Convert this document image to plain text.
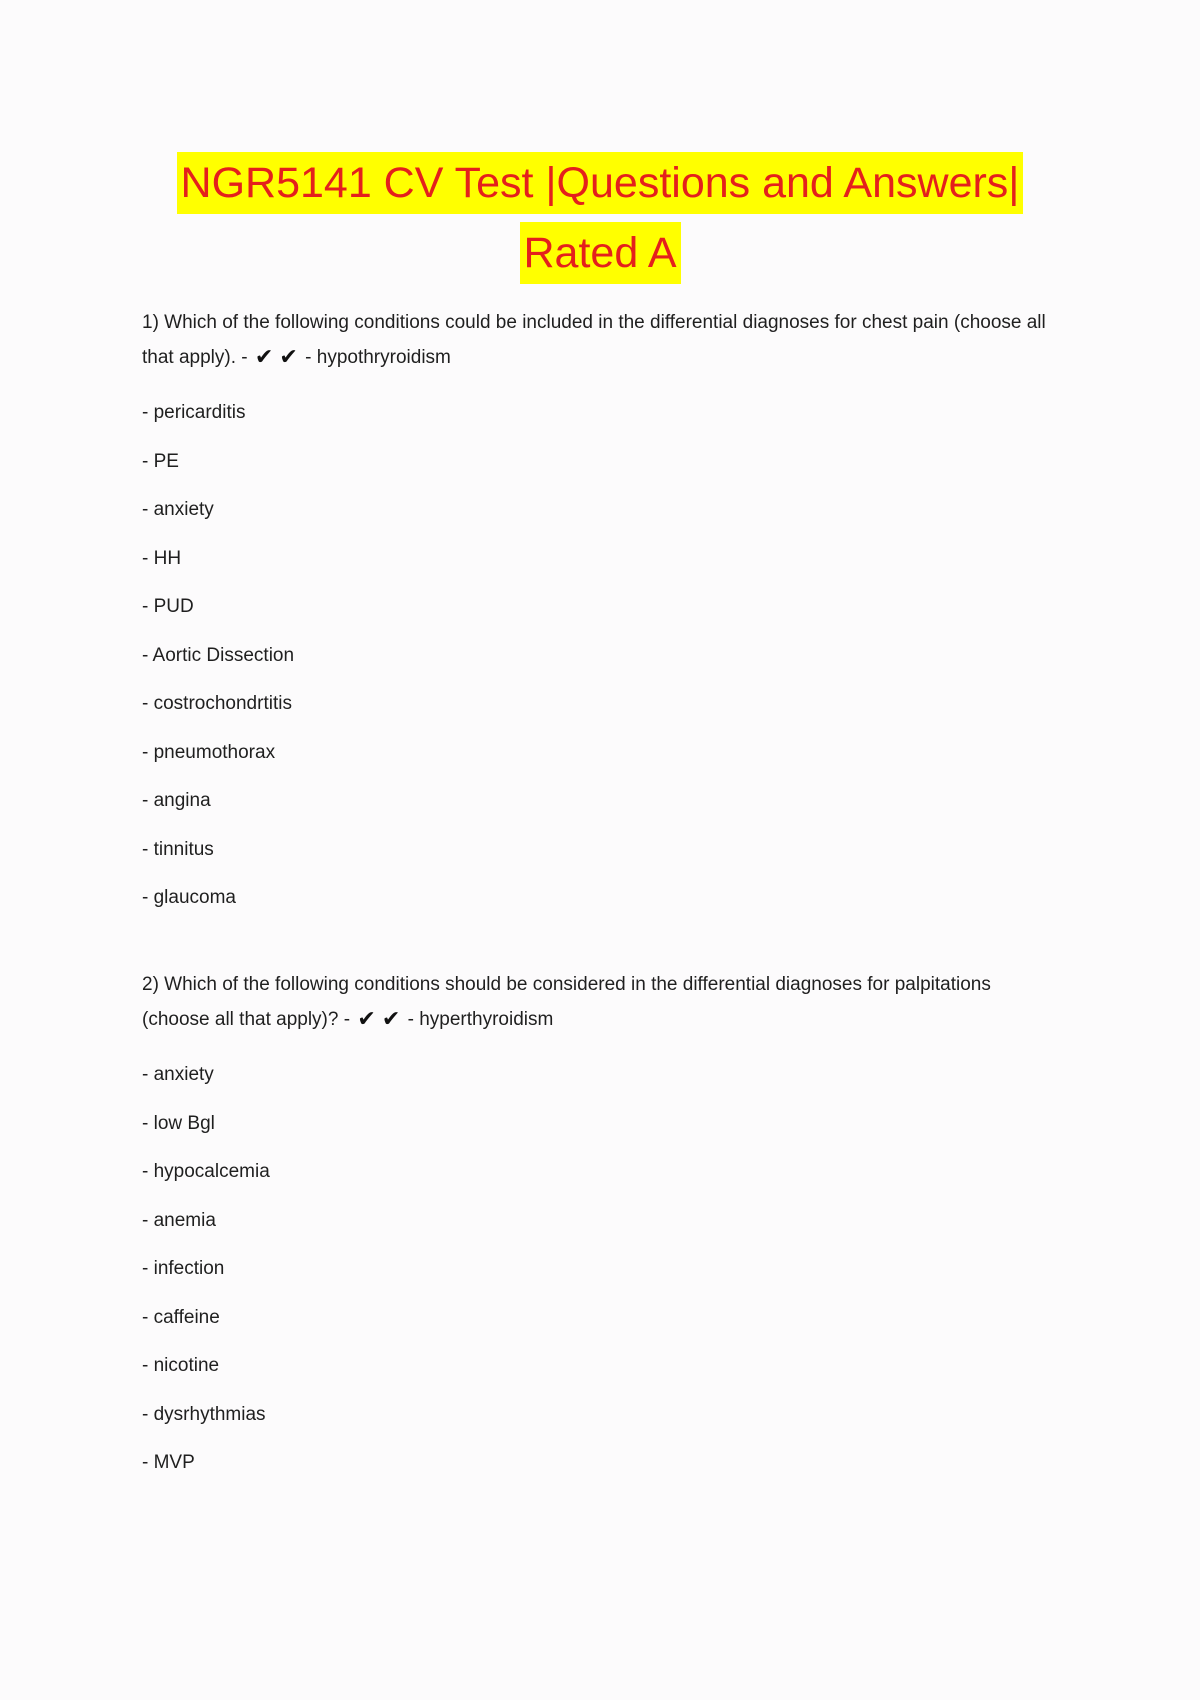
NGR5141 CV Test |Questions and Answers|
Rated A
1) Which of the following conditions could be included in the differential diagnoses for chest pain (choose all that apply). - ✔ ✔ - hypothryroidism
- pericarditis
- PE
- anxiety
- HH
- PUD
- Aortic Dissection
- costrochondrtitis
- pneumothorax
- angina
- tinnitus
- glaucoma
2) Which of the following conditions should be considered in the differential diagnoses for palpitations (choose all that apply)? - ✔ ✔ - hyperthyroidism
- anxiety
- low Bgl
- hypocalcemia
- anemia
- infection
- caffeine
- nicotine
- dysrhythmias
- MVP
